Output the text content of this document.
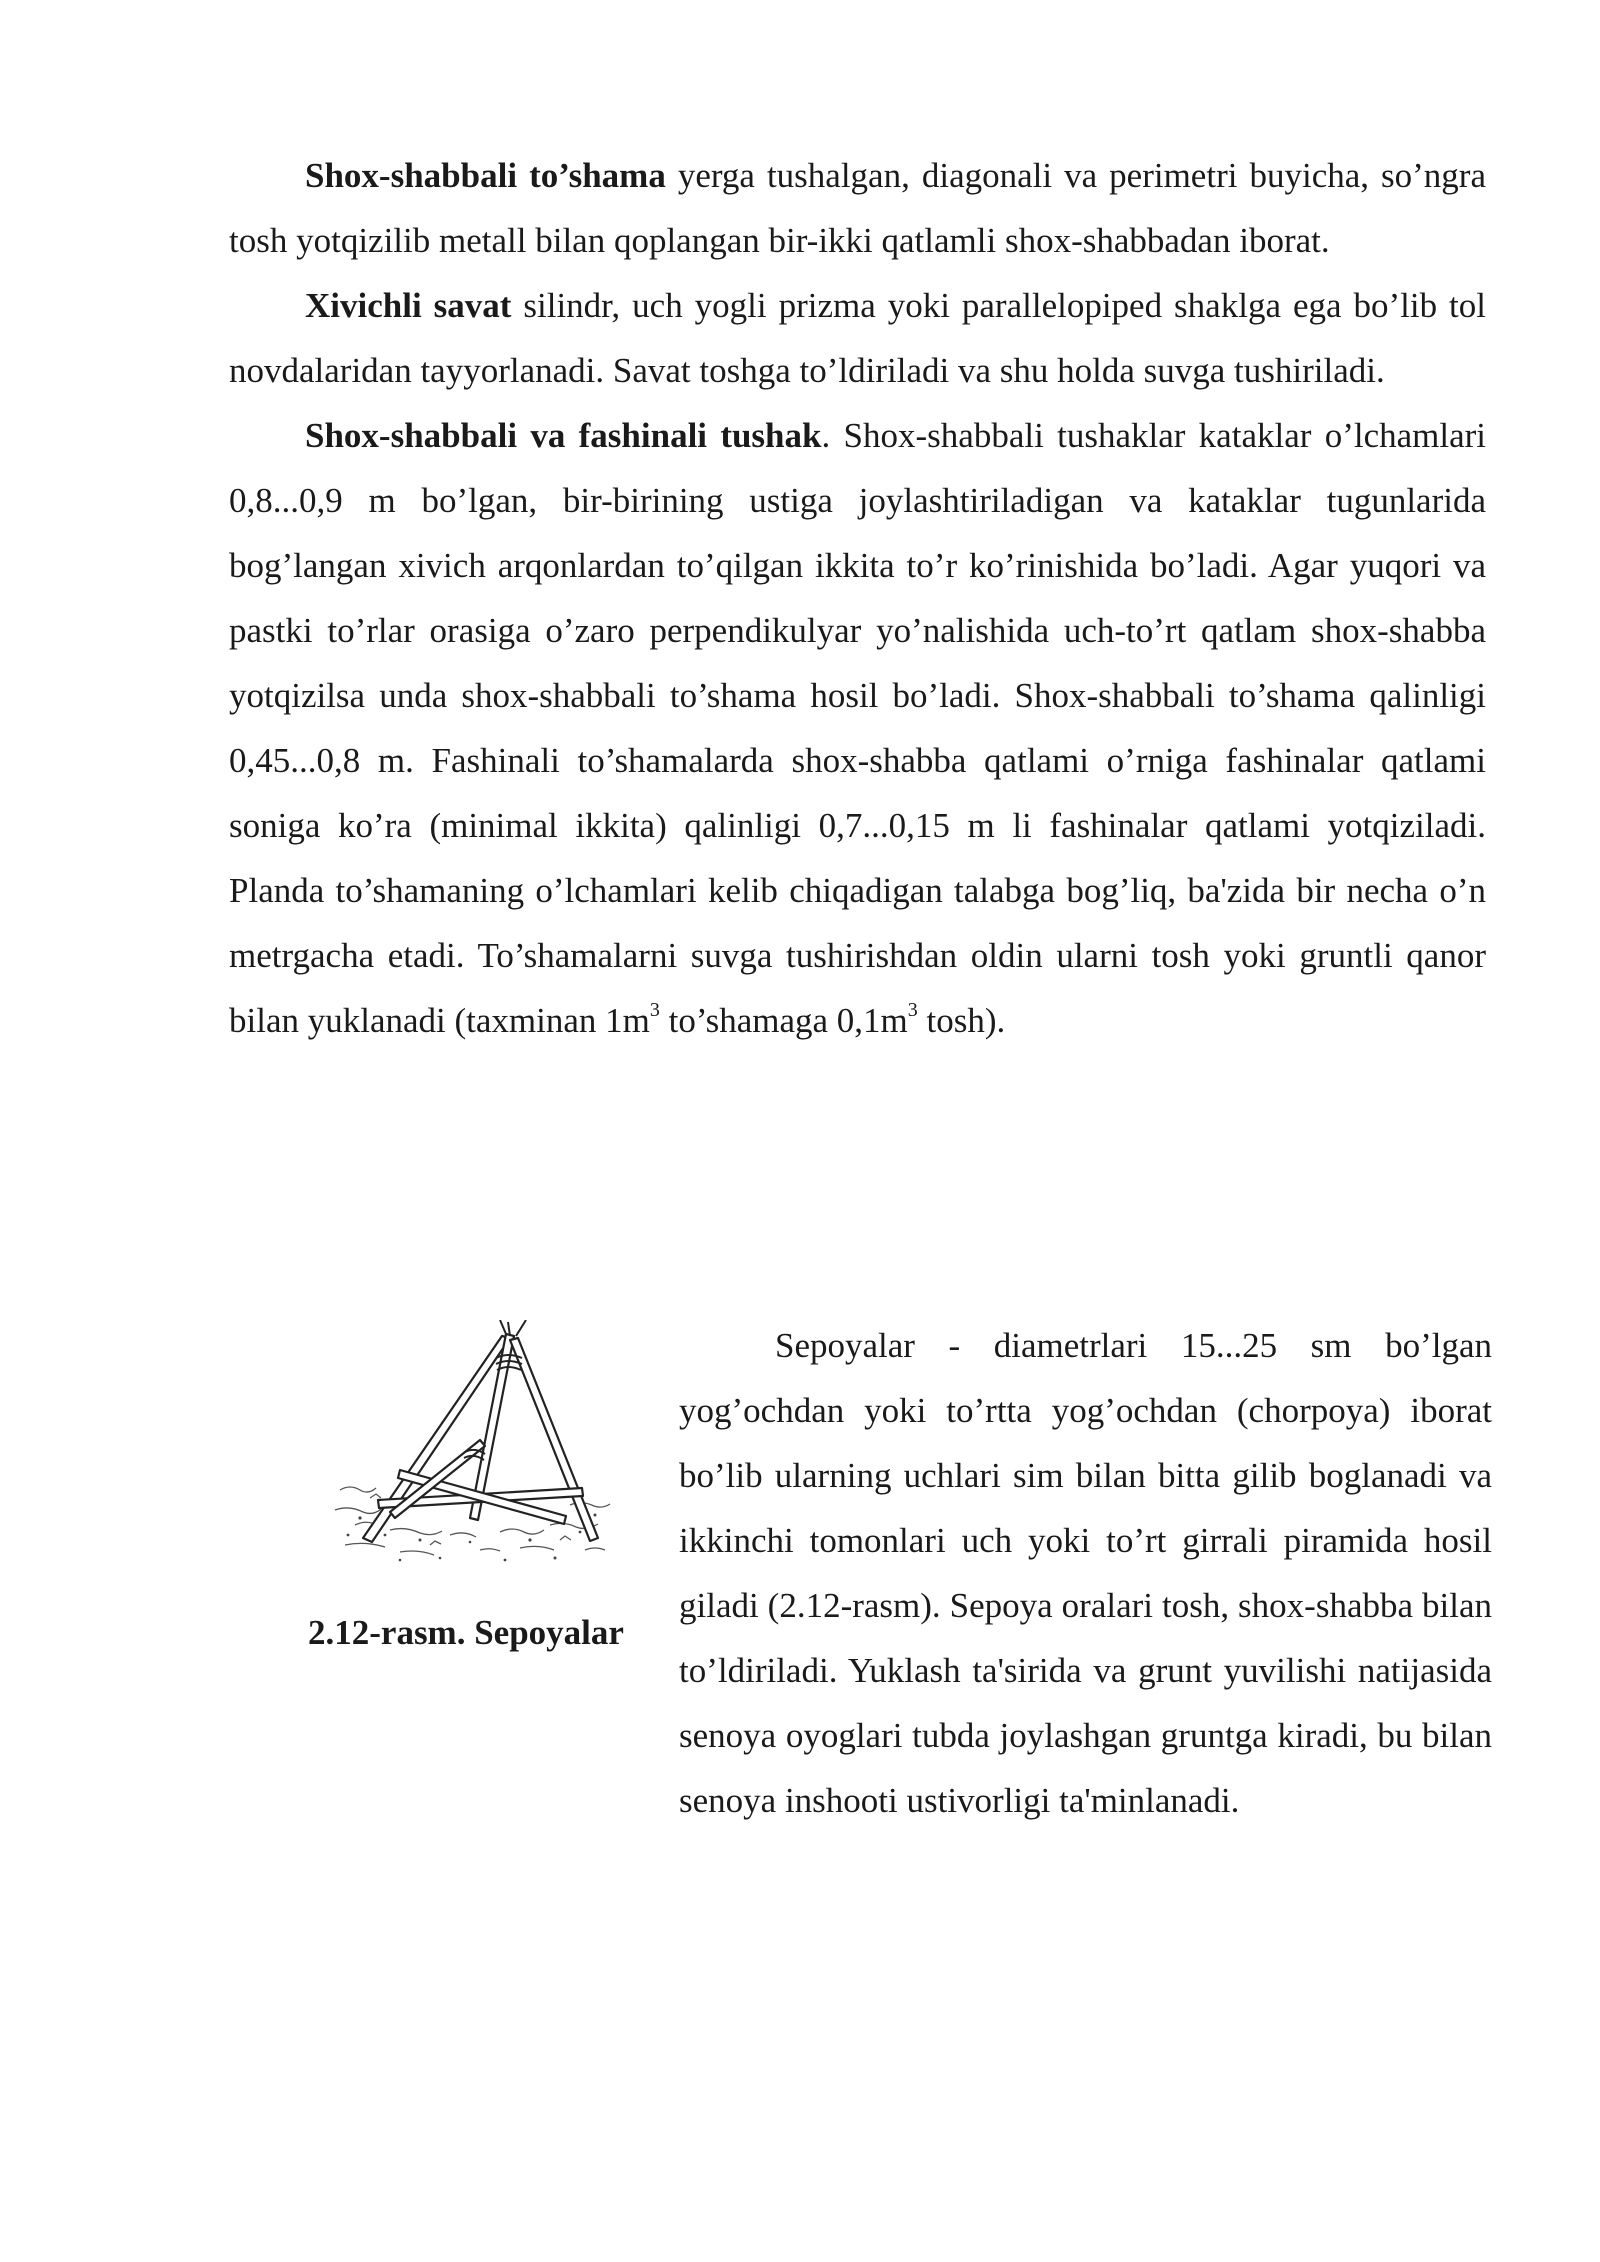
Shox-shabbali to’shama yerga tushalgan, diagonali va perimetri buyicha, so’ngra tosh yotqizilib metall bilan qoplangan bir-ikki qatlamli shox-shabbadan iborat.

Xivichli savat silindr, uch yogli prizma yoki parallelopiped shaklga ega bo’lib tol novdalaridan tayyorlanadi. Savat toshga to’ldiriladi va shu holda suvga tushiriladi.

Shox-shabbali va fashinali tushak. Shox-shabbali tushaklar kataklar o’lchamlari 0,8...0,9 m bo’lgan, bir-birining ustiga joylashtiriladigan va kataklar tugunlarida bog’langan xivich arqonlardan to’qilgan ikkita to’r ko’rinishida bo’ladi. Agar yuqori va pastki to’rlar orasiga o’zaro perpendikulyar yo’nalishida uch-to’rt qatlam shox-shabba yotqizilsa unda shox-shabbali to’shama hosil bo’ladi. Shox-shabbali to’shama qalinligi 0,45...0,8 m. Fashinali to’shamalarda shox-shabba qatlami o’rniga fashinalar qatlami soniga ko’ra (minimal ikkita) qalinligi 0,7...0,15 m li fashinalar qatlami yotqiziladi. Planda to’shamaning o’lchamlari kelib chiqadigan talabga bog’liq, ba'zida bir necha o’n metrgacha etadi. To’shamalarni suvga tushirishdan oldin ularni tosh yoki gruntli qanor bilan yuklanadi (taxminan $1m^3$ to’shamaga $0,1m^3$ tosh).

2.12-rasm. Sepoyalar

Sepoyalar - diametrlari 15...25 sm bo’lgan yog’ochdan yoki to’rtta yog’ochdan (chorpoya) iborat bo’lib ularning uchlari sim bilan bitta gilib boglanadi va ikkinchi tomonlari uch yoki to’rt girrali piramida hosil giladi (2.12-rasm). Sepoya oralari tosh, shox-shabba bilan to’ldiriladi. Yuklash ta'sirida va grunt yuvilishi natijasida senoya oyoglari tubda joylashgan gruntga kiradi, bu bilan senoya inshooti ustivorligi ta'minlanadi.
